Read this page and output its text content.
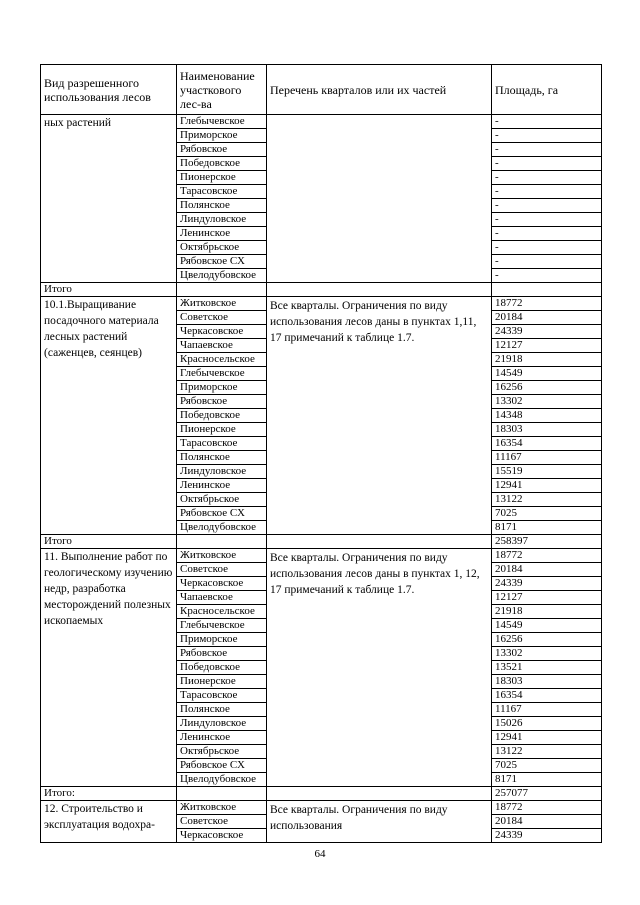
Вид разрешенного использования лесов	Наименование участкового лес-ва	Перечень кварталов или их частей	Площадь, га
ных растений	Глебычевское		-
	Приморское		-
	Рябовское		-
	Победовское		-
	Пионерское		-
	Тарасовское		-
	Полянское		-
	Линдуловское		-
	Ленинское		-
	Октябрьское		-
	Рябовское СХ		-
	Цвелодубовское		-
Итого			
10.1.Выращивание посадочного материала лесных растений (саженцев, сеянцев)	Житковское	Все кварталы. Ограничения по виду использования лесов даны в пунктах 1,11, 17 примечаний к таблице 1.7.	18772
	Советское		20184
	Черкасовское		24339
	Чапаевское		12127
	Красносельское		21918
	Глебычевское		14549
	Приморское		16256
	Рябовское		13302
	Победовское		14348
	Пионерское		18303
	Тарасовское		16354
	Полянское		11167
	Линдуловское		15519
	Ленинское		12941
	Октябрьское		13122
	Рябовское СХ		7025
	Цвелодубовское		8171
Итого			258397
11. Выполнение работ по геологическому изучению недр, разработка месторождений полезных ископаемых	Житковское	Все кварталы. Ограничения по виду использования лесов даны в пунктах 1, 12, 17 примечаний к таблице 1.7.	18772
	Советское		20184
	Черкасовское		24339
	Чапаевское		12127
	Красносельское		21918
	Глебычевское		14549
	Приморское		16256
	Рябовское		13302
	Победовское		13521
	Пионерское		18303
	Тарасовское		16354
	Полянское		11167
	Линдуловское		15026
	Ленинское		12941
	Октябрьское		13122
	Рябовское СХ		7025
	Цвелодубовское		8171
Итого:			257077
12. Строительство и эксплуатация водохра-	Житковское	Все кварталы. Ограничения по виду использования	18772
	Советское		20184
	Черкасовское		24339
64
